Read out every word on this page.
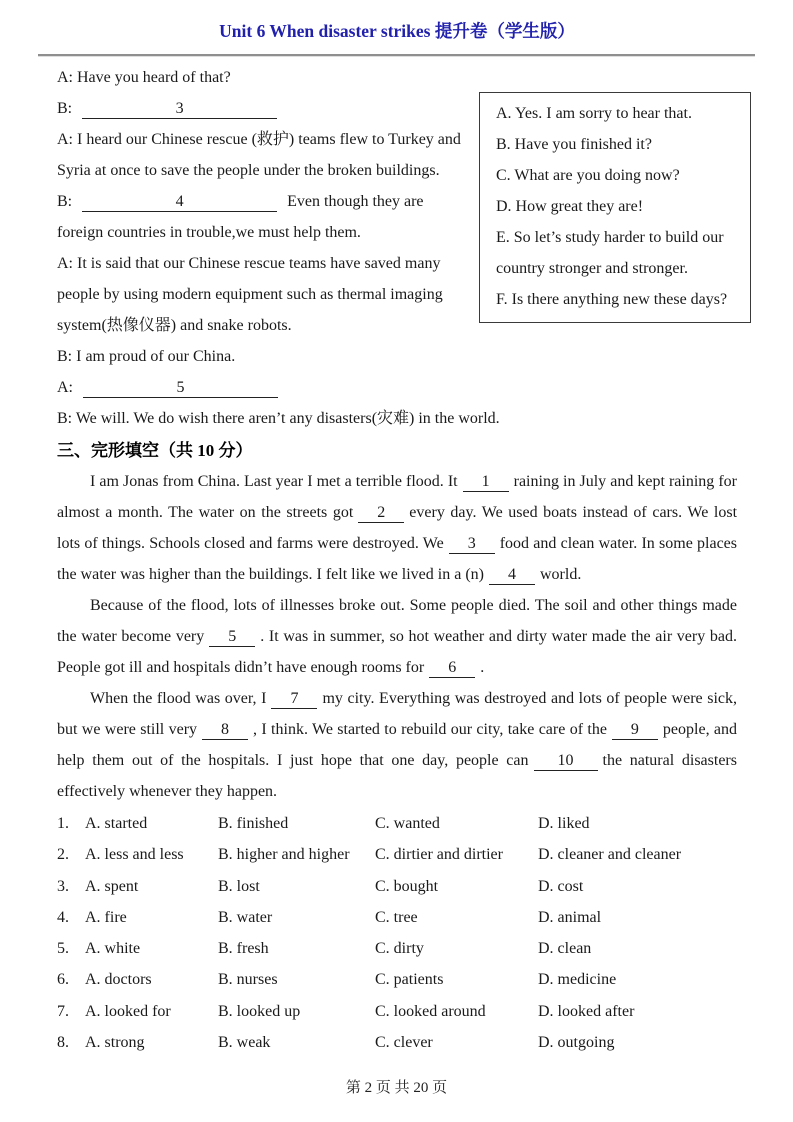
Unit 6 When disaster strikes 提升卷（学生版）

A. Yes. I am sorry to hear that.

B. Have you finished it?

C. What are you doing now?

D. How great they are!

E. So let’s study harder to build our country stronger and stronger.

F. Is there anything new these days?

A: Have you heard of that?

B:	3

A: I heard our Chinese rescue (救护) teams flew to Turkey and Syria at once to save the people under the broken buildings.

B:	4	Even though they are foreign countries in trouble,we must help them.

A: It is said that our Chinese rescue teams have saved many people by using modern equipment such as thermal imaging system(热像仪器) and snake robots.

B: I am proud of our China.

A:	5

B: We will. We do wish there aren’t any disasters(灾难) in the world.

三、完形填空（共 10 分）

I am Jonas from China. Last year I met a terrible flood. It 1 raining in July and kept raining for almost a month. The water on the streets got 2 every day. We used boats instead of cars. We lost lots of things. Schools closed and farms were destroyed. We 3 food and clean water. In some places the water was higher than the buildings. I felt like we lived in a (n) 4 world.

Because of the flood, lots of illnesses broke out. Some people died. The soil and other things made the water become very 5 . It was in summer, so hot weather and dirty water made the air very bad. People got ill and hospitals didn’t have enough rooms for 6 .

When the flood was over, I 7 my city. Everything was destroyed and lots of people were sick, but we were still very 8 , I think. We started to rebuild our city, take care of the 9 people, and help them out of the hospitals. I just hope that one day, people can 10 the natural disasters effectively whenever they happen.

1.	A. started	B. finished	C. wanted	D. liked
2.	A. less and less	B. higher and higher	C. dirtier and dirtier	D. cleaner and cleaner
3.	A. spent	B. lost	C. bought	D. cost
4.	A. fire	B. water	C. tree	D. animal
5.	A. white	B. fresh	C. dirty	D. clean
6.	A. doctors	B. nurses	C. patients	D. medicine
7.	A. looked for	B. looked up	C. looked around	D. looked after
8.	A. strong	B. weak	C. clever	D. outgoing
第 2 页 共 20 页
